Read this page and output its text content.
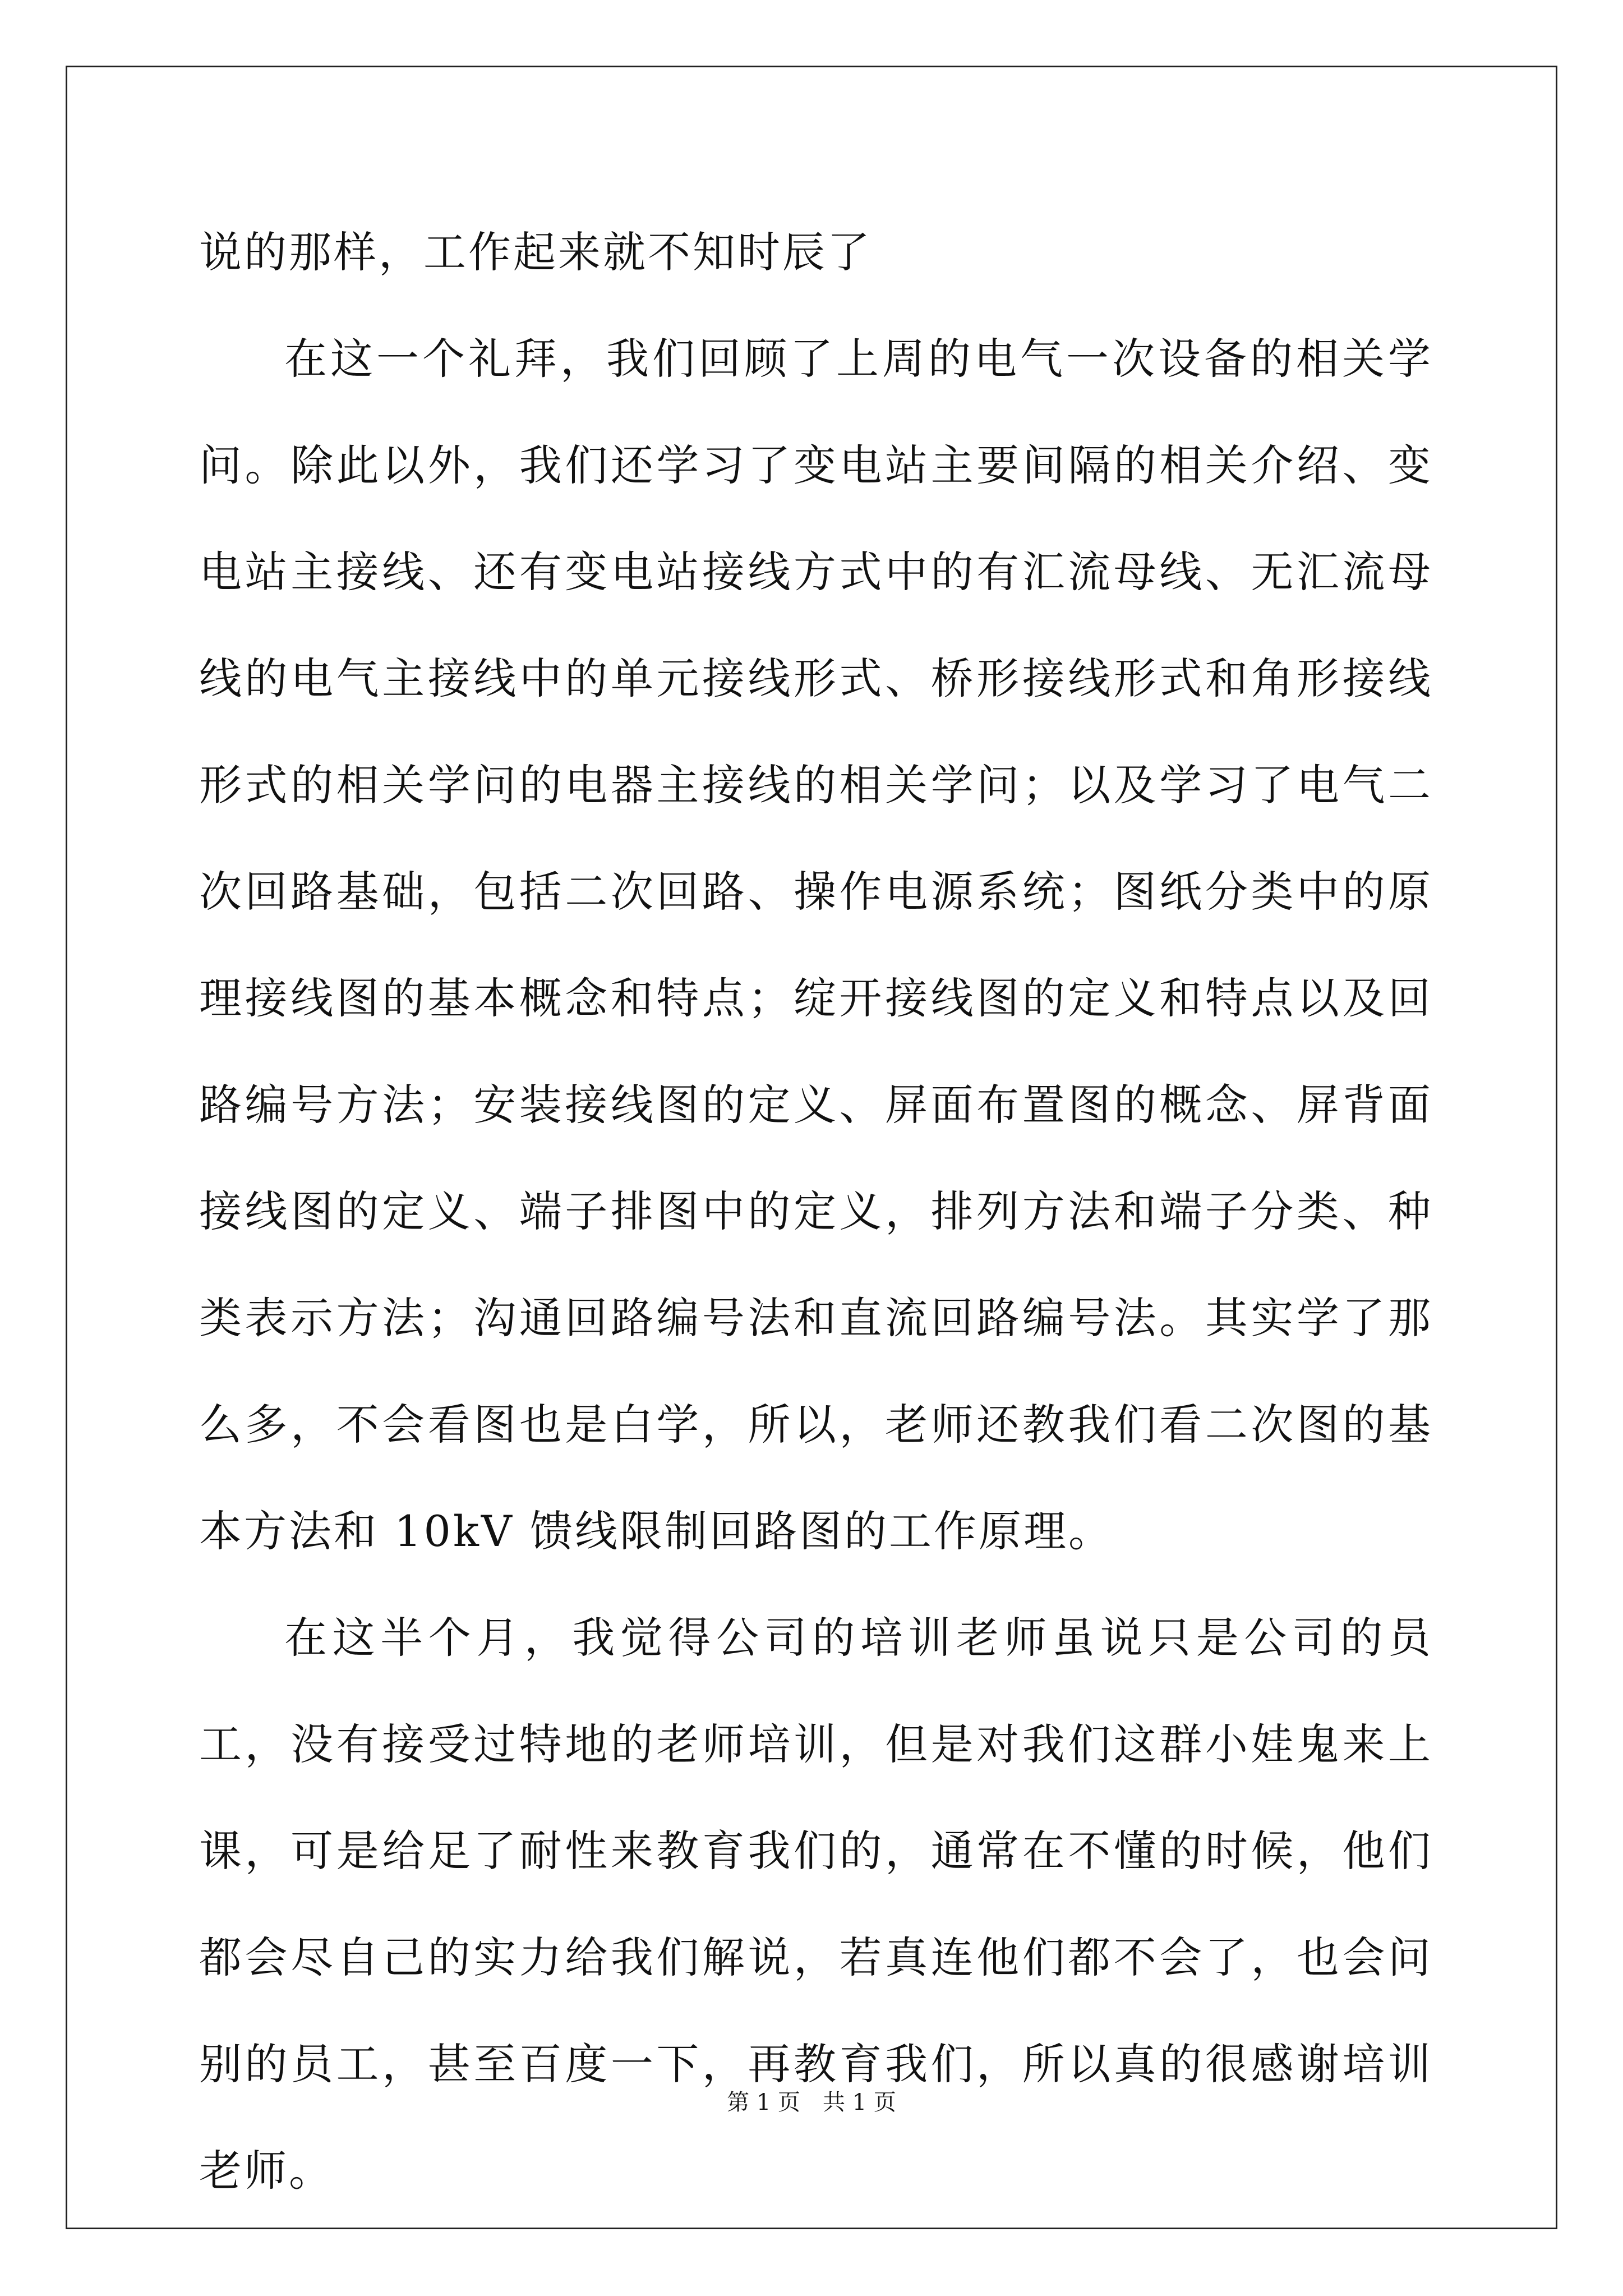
说的那样，工作起来就不知时辰了

在这一个礼拜，我们回顾了上周的电气一次设备的相关学问。除此以外，我们还学习了变电站主要间隔的相关介绍、变电站主接线、还有变电站接线方式中的有汇流母线、无汇流母线的电气主接线中的单元接线形式、桥形接线形式和角形接线形式的相关学问的电器主接线的相关学问；以及学习了电气二次回路基础，包括二次回路、操作电源系统；图纸分类中的原理接线图的基本概念和特点；绽开接线图的定义和特点以及回路编号方法；安装接线图的定义、屏面布置图的概念、屏背面接线图的定义、端子排图中的定义，排列方法和端子分类、种类表示方法；沟通回路编号法和直流回路编号法。其实学了那么多，不会看图也是白学，所以，老师还教我们看二次图的基本方法和 10kV 馈线限制回路图的工作原理。

在这半个月，我觉得公司的培训老师虽说只是公司的员工，没有接受过特地的老师培训，但是对我们这群小娃鬼来上课，可是给足了耐性来教育我们的，通常在不懂的时候，他们都会尽自己的实力给我们解说，若真连他们都不会了，也会问别的员工，甚至百度一下，再教育我们，所以真的很感谢培训老师。

第 1 页　共 1 页
